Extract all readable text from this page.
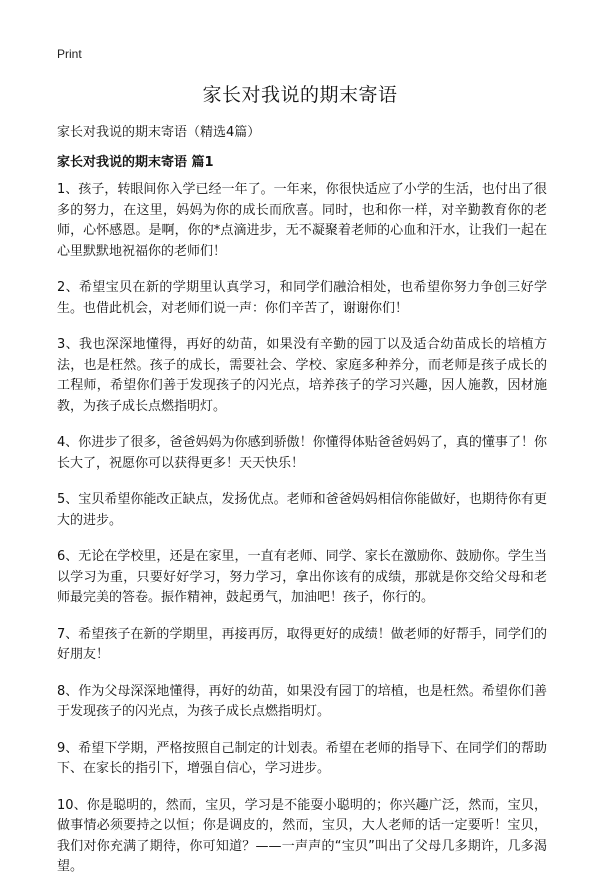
Print
家长对我说的期末寄语
家长对我说的期末寄语（精选4篇）
家长对我说的期末寄语 篇1

1、孩子，转眼间你入学已经一年了。一年来，你很快适应了小学的生活，也付出了很多的努力，在这里，妈妈为你的成长而欣喜。同时，也和你一样，对辛勤教育你的老师，心怀感恩。是啊，你的*点滴进步，无不凝聚着老师的心血和汗水，让我们一起在心里默默地祝福你的老师们！

2、希望宝贝在新的学期里认真学习，和同学们融洽相处，也希望你努力争创三好学生。也借此机会，对老师们说一声：你们辛苦了，谢谢你们！

3、我也深深地懂得，再好的幼苗，如果没有辛勤的园丁以及适合幼苗成长的培植方法，也是枉然。孩子的成长，需要社会、学校、家庭多种养分，而老师是孩子成长的工程师，希望你们善于发现孩子的闪光点，培养孩子的学习兴趣，因人施教，因材施教，为孩子成长点燃指明灯。

4、你进步了很多，爸爸妈妈为你感到骄傲！你懂得体贴爸爸妈妈了，真的懂事了！你长大了，祝愿你可以获得更多！天天快乐！

5、宝贝希望你能改正缺点，发扬优点。老师和爸爸妈妈相信你能做好，也期待你有更大的进步。

6、无论在学校里，还是在家里，一直有老师、同学、家长在激励你、鼓励你。学生当以学习为重，只要好好学习，努力学习，拿出你该有的成绩，那就是你交给父母和老师最完美的答卷。振作精神，鼓起勇气，加油吧！孩子，你行的。

7、希望孩子在新的学期里，再接再厉，取得更好的成绩！做老师的好帮手，同学们的好朋友！

8、作为父母深深地懂得，再好的幼苗，如果没有园丁的培植，也是枉然。希望你们善于发现孩子的闪光点，为孩子成长点燃指明灯。

9、希望下学期，严格按照自己制定的计划表。希望在老师的指导下、在同学们的帮助下、在家长的指引下，增强自信心，学习进步。

10、你是聪明的，然而，宝贝，学习是不能耍小聪明的；你兴趣广泛，然而，宝贝，做事情必须要持之以恒；你是调皮的，然而，宝贝，大人老师的话一定要听！宝贝，我们对你充满了期待，你可知道？——一声声的“宝贝”叫出了父母几多期许，几多渴望。
